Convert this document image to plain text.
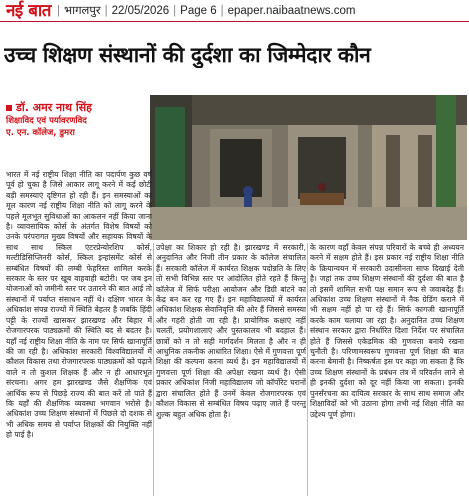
नई बात | भागलपुर | 22/05/2026 | Page 6 | epaper.naibaatnews.com
उच्च शिक्षण संस्थानों की दुर्दशा का जिम्मेदार कौन
डॉ. अमर नाथ सिंह
शिक्षाविद एवं पर्यावरणविद
ए. एन. कॉलेज, डुमरा

भारत में नई राष्ट्रीय शिक्षा नीति का पदार्पण कुछ वर्ष पूर्व हो चुका है जिसे आकार लागू करने में कई छोटी बड़ी समस्याएं दृष्टिगत हो रही हैं। इन समस्याओं का मूल कारण नई राष्ट्रीय शिक्षा नीति को लागू करने के पहले मूलभूत सुविधाओं का आकलन नहीं किया जाना है। व्यावसायिक कोर्स के अंतर्गत विशेष विषयों को उनके परंपरागत मुख्य विषयों और सहायक विषयों के साथ साथ स्किल एंटरप्रेन्योरशिप कोर्स, मल्टीडिसिप्लिनरी कोर्स, स्किल इन्हांसमेंट कोर्स से सम्बंधित विषयों की लम्बी फेहरिस्त शामिल करके सरकार के स्तर पर खूब वाहवाही बटोरी। पर जब इन योजनाओं को जमीनी स्तर पर उतारने की बात आई तो संस्थानों में पर्याप्त संसाधन नहीं थे। दक्षिण भारत के अधिकांश संपन्न राज्यों में स्थिति बेहतर है जबकि हिंदी पट्टी के राज्यों खासकर झारखण्ड और बिहार में रोजगारपरक पाठ्यक्रमों की स्थिति बद से बदतर है। यहाँ नई राष्ट्रीय शिक्षा नीति के नाम पर सिर्फ खानापूर्ति की जा रही है। अधिकांश सरकारी विश्वविद्यालयों में कौशल विकास तथा रोजगारपरक पाठ्यक्रमों को पढ़ाने वाले न तो कुशल शिक्षक हैं और न ही आधारभूत संरचना। अगर हम झारखण्ड जैसे शैक्षणिक एवं आर्थिक रूप से पिछड़े राज्य की बात करें तो पाते हैं कि यहाँ की शैक्षणिक व्यवस्था भगवान भरोसे है। अधिकांश उच्च शिक्षण संस्थानों में पिछले दो दशक से भी अधिक समय से पर्याप्त शिक्षकों की नियुक्ति नहीं हो पाई है।

उपेक्षा का शिकार हो रही है। झारखण्ड में सरकारी, अनुदानित और निजी तीन प्रकार के कॉलेज संचालित हैं। सरकारी कॉलेज में कार्यरत शिक्षक पदोन्नति के लिए तो सभी विभिन्न स्तर पर आंदोलित होते रहते हैं किन्तु कॉलेज में सिर्फ परीक्षा आयोजन और डिग्री बांटने का केंद्र बन कर रह गए हैं। इन महाविद्यालयों में कार्यरत अधिकांश शिक्षक सेवानिवृत्ति की ओर हैं जिससे समस्या और गहरी होती जा रही है। प्रायोगिक कक्षाएं नहीं चलतीं, प्रयोगशालाएं और पुस्तकालय भी बदहाल हैं। छात्रों को न तो सही मार्गदर्शन मिलता है और न ही आधुनिक तकनीक आधारित शिक्षा। ऐसे में गुणवत्ता पूर्ण शिक्षा की कल्पना करना व्यर्थ है। इन महाविद्यालयों में गुणवत्ता पूर्ण शिक्षा की अपेक्षा रखना व्यर्थ है। ऐसी प्रकार अधिकांश निजी महाविद्यालय जो कॉर्पोरेट घरानों द्वारा संचालित होते हैं उनमें केवल रोजगारपरक एवं कौशल विकास से सम्बंधित विषय पढ़ाए जाते हैं परन्तु शुल्क बहुत अधिक होता है।

के कारण वहाँ केवल संपन्न परिवारों के बच्चे ही अध्ययन करने में सक्षम होते हैं। इस प्रकार नई राष्ट्रीय शिक्षा नीति के क्रियान्वयन में सरकारी उदासीनता साफ दिखाई देती है। जहां तक उच्च शिक्षण संस्थानों की दुर्दशा की बात है तो इसमें शामिल सभी पक्ष समान रूप से जवाबदेह हैं। अधिकांश उच्च शिक्षण संस्थानों में नैक ग्रेडिंग कराने में भी सक्षम नहीं हो पा रहे हैं। सिर्फ कागजी खानापूर्ति करके काम चलाया जा रहा है। अनुदानित उच्च शिक्षण संस्थान सरकार द्वारा निर्धारित दिशा निर्देश पर संचालित होते हैं जिससे एकेडमिक की गुणवत्ता बनाये रखना चुनौती है। परिणामस्वरूप गुणवत्ता पूर्ण शिक्षा की बात करना बेमानी है। निष्कर्षतः इस पर कहा जा सकता है कि उच्च शिक्षण संस्थानों के प्रबंधन तंत्र में परिवर्तन लाने से ही इनकी दुर्दशा को दूर नहीं किया जा सकता। इनकी पुनर्संरचना का दायित्व सरकार के साथ साथ समाज और शिक्षाविदों को भी उठाना होगा तभी नई शिक्षा नीति का उद्देश्य पूर्ण होगा।
